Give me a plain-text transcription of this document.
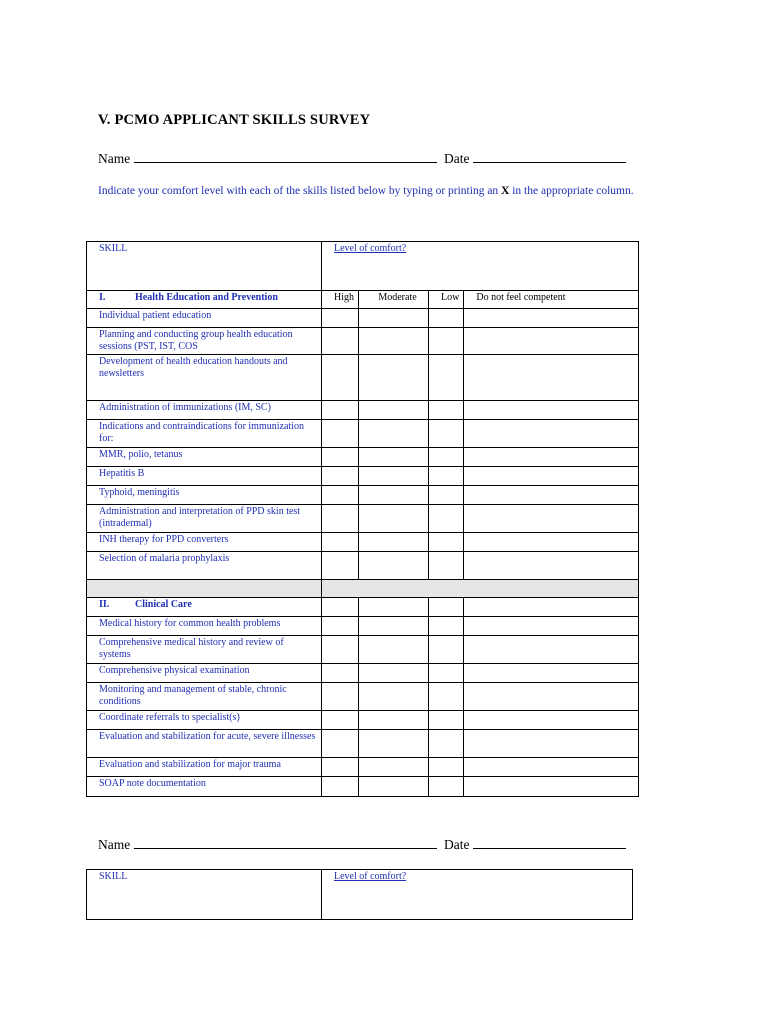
V. PCMO APPLICANT SKILLS SURVEY
Name	Date
Indicate your comfort level with each of the skills listed below by typing or printing an X in the appropriate column.
SKILL	Level of comfort?			
I. Health Education and Prevention	High	Moderate	Low	Do not feel competent
Individual patient education				
Planning and conducting group health education sessions (PST, IST, COS				
Development of health education handouts and newsletters				
Administration of immunizations (IM, SC)				
Indications and contraindications for immunization for:				
MMR, polio, tetanus				
Hepatitis B				
Typhoid, meningitis				
Administration and interpretation of PPD skin test (intradermal)				
INH therapy for PPD converters				
Selection of malaria prophylaxis				

II. Clinical Care				
Medical history for common health problems				
Comprehensive medical history and review of systems				
Comprehensive physical examination				
Monitoring and management of stable, chronic conditions				
Coordinate referrals to specialist(s)				
Evaluation and stabilization for acute, severe illnesses				
Evaluation and stabilization for major trauma				
SOAP note documentation				
Name	Date
SKILL	Level of comfort?
